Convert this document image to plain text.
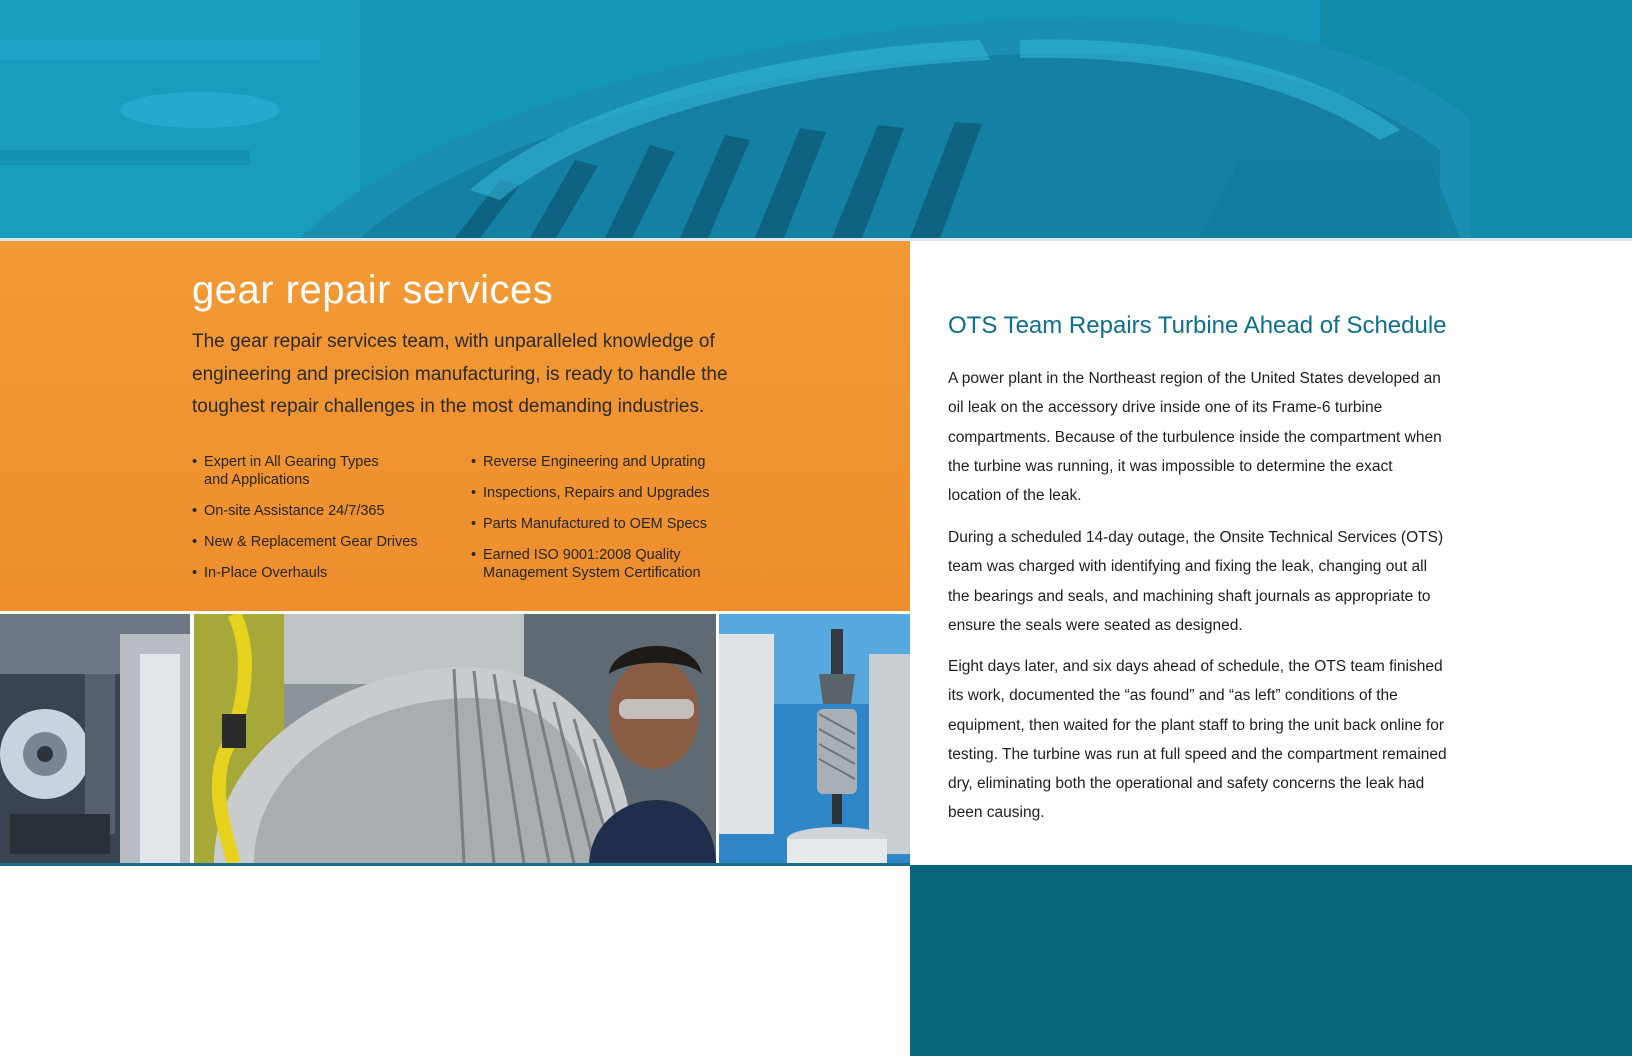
gear repair services

The gear repair services team, with unparalleled knowledge of engineering and precision manufacturing, is ready to handle the toughest repair challenges in the most demanding industries.

• Expert in All Gearing Types and Applications
• On-site Assistance 24/7/365
• New & Replacement Gear Drives
• In-Place Overhauls
• Reverse Engineering and Uprating
• Inspections, Repairs and Upgrades
• Parts Manufactured to OEM Specs
• Earned ISO 9001:2008 Quality Management System Certification
OTS Team Repairs Turbine Ahead of Schedule

A power plant in the Northeast region of the United States developed an oil leak on the accessory drive inside one of its Frame-6 turbine compartments. Because of the turbulence inside the compartment when the turbine was running, it was impossible to determine the exact location of the leak.

During a scheduled 14-day outage, the Onsite Technical Services (OTS) team was charged with identifying and fixing the leak, changing out all the bearings and seals, and machining shaft journals as appropriate to ensure the seals were seated as designed.

Eight days later, and six days ahead of schedule, the OTS team finished its work, documented the “as found” and “as left” conditions of the equipment, then waited for the plant staff to bring the unit back online for testing. The turbine was run at full speed and the compartment remained dry, eliminating both the operational and safety concerns the leak had been causing.
